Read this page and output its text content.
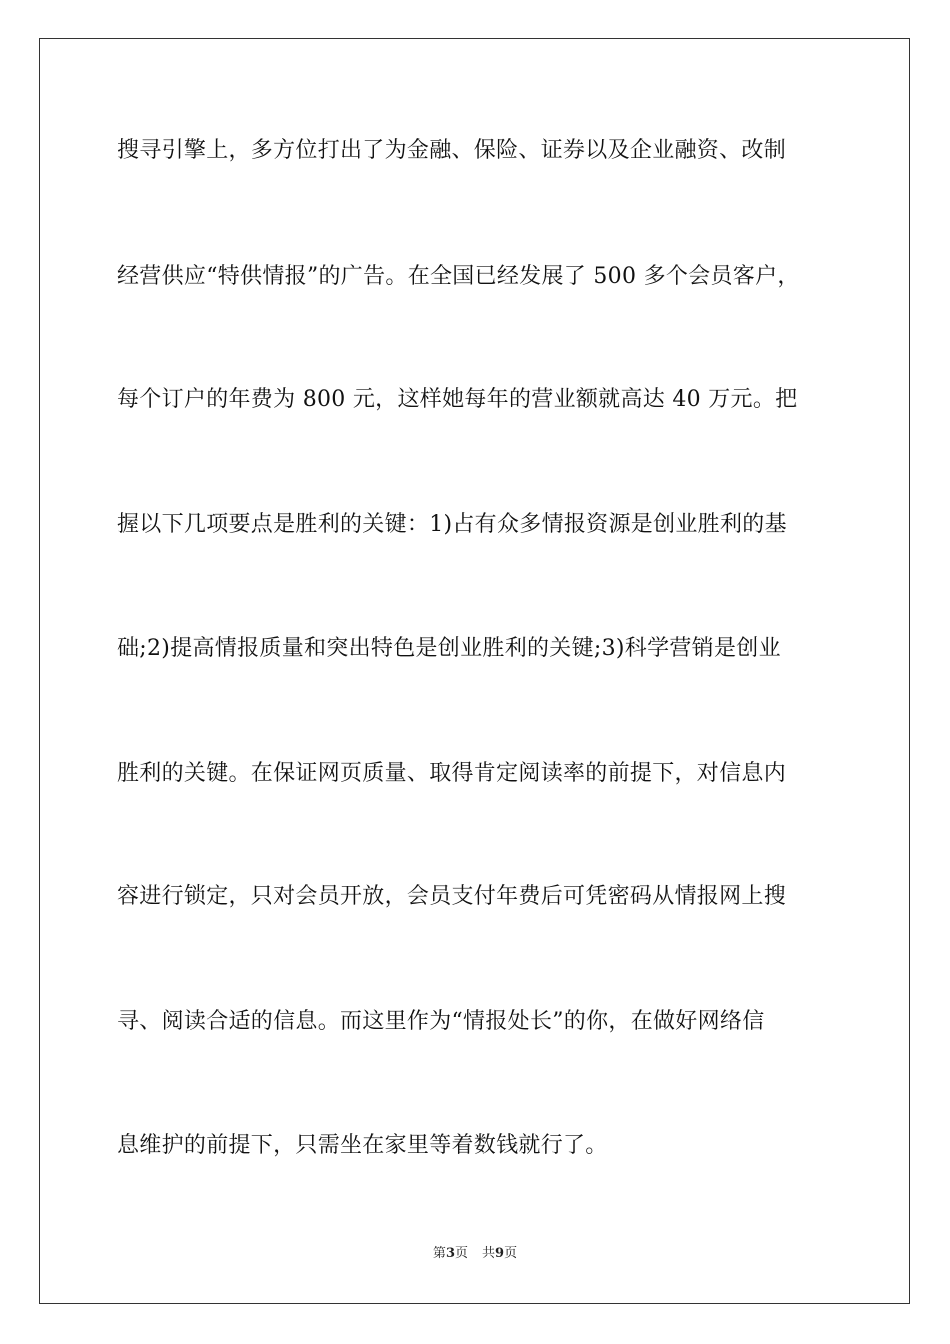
搜寻引擎上，多方位打出了为金融、保险、证券以及企业融资、改制
经营供应“特供情报”的广告。在全国已经发展了 500 多个会员客户，
每个订户的年费为 800 元，这样她每年的营业额就高达 40 万元。把
握以下几项要点是胜利的关键：1)占有众多情报资源是创业胜利的基
础;2)提高情报质量和突出特色是创业胜利的关键;3)科学营销是创业
胜利的关键。在保证网页质量、取得肯定阅读率的前提下，对信息内
容进行锁定，只对会员开放，会员支付年费后可凭密码从情报网上搜
寻、阅读合适的信息。而这里作为“情报处长”的你，在做好网络信
息维护的前提下，只需坐在家里等着数钱就行了。
第3页 共9页
